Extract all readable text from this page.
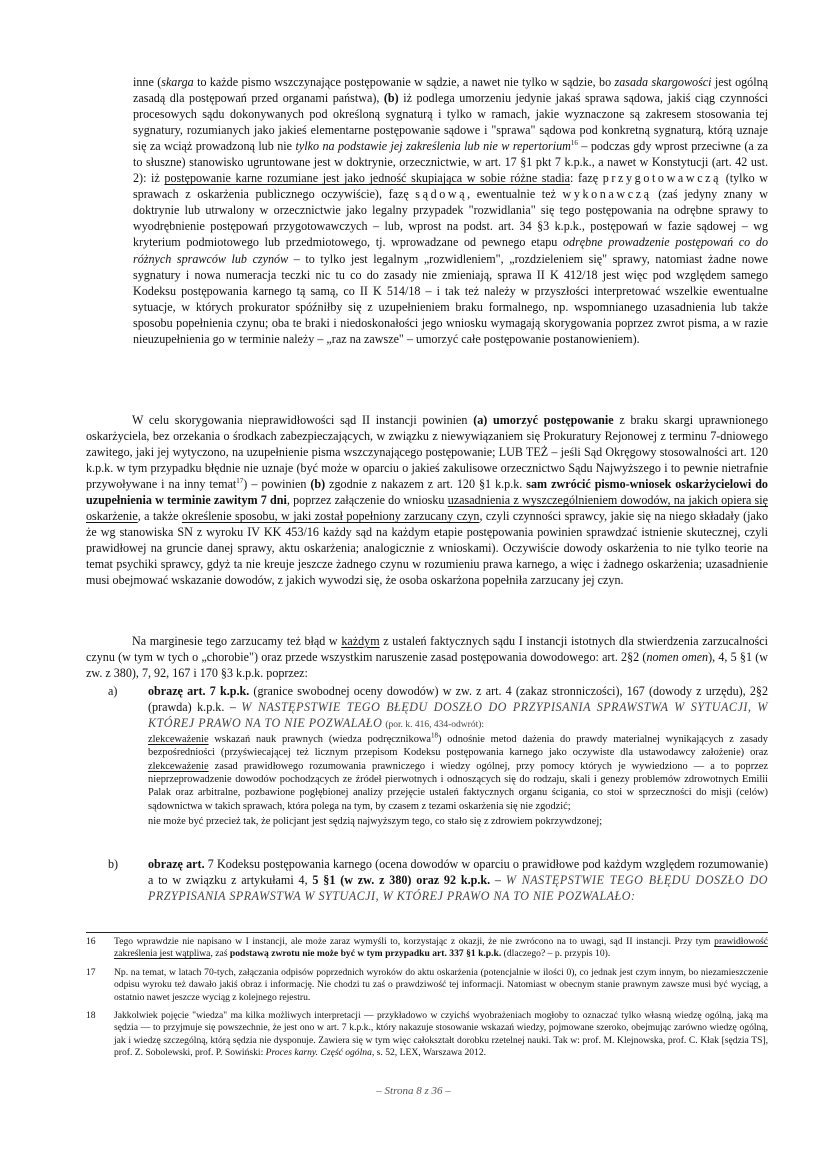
inne (skarga to każde pismo wszczynające postępowanie w sądzie, a nawet nie tylko w sądzie, bo zasada skargowości jest ogólną zasadą dla postępowań przed organami państwa), (b) iż podlega umorzeniu jedynie jakaś sprawa sądowa, jakiś ciąg czynności procesowych sądu dokonywanych pod określoną sygnaturą i tylko w ramach, jakie wyznaczone są zakresem stosowania tej sygnatury, rozumianych jako jakieś elementarne postępowanie sądowe i "sprawa" sądowa pod konkretną sygnaturą, którą uznaje się za wciąż prowadzoną lub nie tylko na podstawie jej zakreślenia lub nie w repertorium$^{16}$ – podczas gdy wprost przeciwne (a za to słuszne) stanowisko ugruntowane jest w doktrynie, orzecznictwie, w art. 17 §1 pkt 7 k.p.k., a nawet w Konstytucji (art. 42 ust. 2): iż postępowanie karne rozumiane jest jako jedność skupiająca w sobie różne stadia: fazę przygotowawczą (tylko w sprawach z oskarżenia publicznego oczywiście), fazę sądową, ewentualnie też wykonawczą (zaś jedyny znany w doktrynie lub utrwalony w orzecznictwie jako legalny przypadek "rozwidlania" się tego postępowania na odrębne sprawy to wyodrębnienie postępowań przygotowawczych – lub, wprost na podst. art. 34 §3 k.p.k., postępowań w fazie sądowej – wg kryterium podmiotowego lub przedmiotowego, tj. wprowadzane od pewnego etapu odrębne prowadzenie postępowań co do różnych sprawców lub czynów – to tylko jest legalnym „rozwidleniem", „rozdzieleniem się" sprawy, natomiast żadne nowe sygnatury i nowa numeracja teczki nic tu co do zasady nie zmieniają, sprawa II K 412/18 jest więc pod względem samego Kodeksu postępowania karnego tą samą, co II K 514/18 – i tak też należy w przyszłości interpretować wszelkie ewentualne sytuacje, w których prokurator spóźniłby się z uzupełnieniem braku formalnego, np. wspomnianego uzasadnienia lub także sposobu popełnienia czynu; oba te braki i niedoskonałości jego wniosku wymagają skorygowania poprzez zwrot pisma, a w razie nieuzupełnienia go w terminie należy – „raz na zawsze" – umorzyć całe postępowanie postanowieniem).

W celu skorygowania nieprawidłowości sąd II instancji powinien (a) umorzyć postępowanie z braku skargi uprawnionego oskarżyciela, bez orzekania o środkach zabezpieczających, w związku z niewywiązaniem się Prokuratury Rejonowej z terminu 7-dniowego zawitego, jaki jej wytyczono, na uzupełnienie pisma wszczynającego postępowanie; LUB TEŻ – jeśli Sąd Okręgowy stosowalności art. 120 k.p.k. w tym przypadku błędnie nie uznaje (być może w oparciu o jakieś zakulisowe orzecznictwo Sądu Najwyższego i to pewnie nietrafnie przywoływane i na inny temat$^{17}$) – powinien (b) zgodnie z nakazem z art. 120 §1 k.p.k. sam zwrócić pismo-wniosek oskarżycielowi do uzupełnienia w terminie zawitym 7 dni, poprzez załączenie do wniosku uzasadnienia z wyszczególnieniem dowodów, na jakich opiera się oskarżenie, a także określenie sposobu, w jaki został popełniony zarzucany czyn, czyli czynności sprawcy, jakie się na niego składały (jako że wg stanowiska SN z wyroku IV KK 453/16 każdy sąd na każdym etapie postępowania powinien sprawdzać istnienie skutecznej, czyli prawidłowej na gruncie danej sprawy, aktu oskarżenia; analogicznie z wnioskami). Oczywiście dowody oskarżenia to nie tylko teorie na temat psychiki sprawcy, gdyż ta nie kreuje jeszcze żadnego czynu w rozumieniu prawa karnego, a więc i żadnego oskarżenia; uzasadnienie musi obejmować wskazanie dowodów, z jakich wywodzi się, że osoba oskarżona popełniła zarzucany jej czyn.

Na marginesie tego zarzucamy też błąd w każdym z ustaleń faktycznych sądu I instancji istotnych dla stwierdzenia zarzucalności czynu (w tym w tych o „chorobie") oraz przede wszystkim naruszenie zasad postępowania dowodowego: art. 2§2 (nomen omen), 4, 5 §1 (w zw. z 380), 7, 92, 167 i 170 §3 k.p.k. poprzez:

a)	obrazę art. 7 k.p.k. (granice swobodnej oceny dowodów) w zw. z art. 4 (zakaz stronniczości), 167 (dowody z urzędu), 2§2 (prawda) k.p.k. – W NASTĘPSTWIE TEGO BŁĘDU DOSZŁO DO PRZYPISANIA SPRAWSTWA W SYTUACJI, W KTÓREJ PRAWO NA TO NIE POZWALAŁO (por. k. 416, 434-odwrót):

zlekceważenie wskazań nauk prawnych (wiedza podręcznikowa$^{18}$) odnośnie metod dażenia do prawdy materialnej wynikających z zasady bezpośredniości (przyświecającej też licznym przepisom Kodeksu postępowania karnego jako oczywiste dla ustawodawcy założenie) oraz zlekceważenie zasad prawidłowego rozumowania prawniczego i wiedzy ogólnej, przy pomocy których je wywiedziono — a to poprzez nieprzeprowadzenie dowodów pochodzących ze źródeł pierwotnych i odnoszących się do rodzaju, skali i genezy problemów zdrowotnych Emilii Palak oraz arbitralne, pozbawione pogłębionej analizy przejęcie ustaleń faktycznych organu ścigania, co stoi w sprzeczności do misji (celów) sądownictwa w takich sprawach, która polega na tym, by czasem z tezami oskarżenia się nie zgodzić;

nie może być przecież tak, że policjant jest sędzią najwyższym tego, co stało się z zdrowiem pokrzywdzonej;

b) obrazę art. 7 Kodeksu postępowania karnego (ocena dowodów w oparciu o prawidłowe pod każdym względem rozumowanie) a to w związku z artykułami 4, 5 §1 (w zw. z 380) oraz 92 k.p.k. – W NASTĘPSTWIE TEGO BŁĘDU DOSZŁO DO PRZYPISANIA SPRAWSTWA W SYTUACJI, W KTÓREJ PRAWO NA TO NIE POZWALAŁO:

16 Tego wprawdzie nie napisano w I instancji, ale może zaraz wymyśli to, korzystając z okazji, że nie zwrócono na to uwagi, sąd II instancji. Przy tym prawidłowość zakreślenia jest wątpliwa, zaś podstawą zwrotu nie może być w tym przypadku art. 337 §1 k.p.k. (dlaczego? – p. przypis 10).
17 Np. na temat, w latach 70-tych, załączania odpisów poprzednich wyroków do aktu oskarżenia (potencjalnie w ilości 0), co jednak jest czym innym, bo niezamieszczenie odpisu wyroku też dawało jakiś obraz i informację. Nie chodzi tu zaś o prawdziwość tej informacji. Natomiast w obecnym stanie prawnym zawsze musi być wyciąg, a ostatnio nawet jeszcze wyciąg z kolejnego rejestru.
18 Jakkolwiek pojęcie "wiedza" ma kilka możliwych interpretacji — przykładowo w czyichś wyobrażeniach mogłoby to oznaczać tylko własną wiedzę ogólną, jaką ma sędzia — to przyjmuje się powszechnie, że jest ono w art. 7 k.p.k., który nakazuje stosowanie wskazań wiedzy, pojmowane szeroko, obejmując zarówno wiedzę ogólną, jak i wiedzę szczególną, którą sędzia nie dysponuje. Zawiera się w tym więc całokształt dorobku rzetelnej nauki. Tak w: prof. M. Klejnowska, prof. C. Kłak [sędzia TS], prof. Z. Sobolewski, prof. P. Sowiński: Proces karny. Część ogólna, s. 52, LEX, Warszawa 2012.
– Strona 8 z 36 –
